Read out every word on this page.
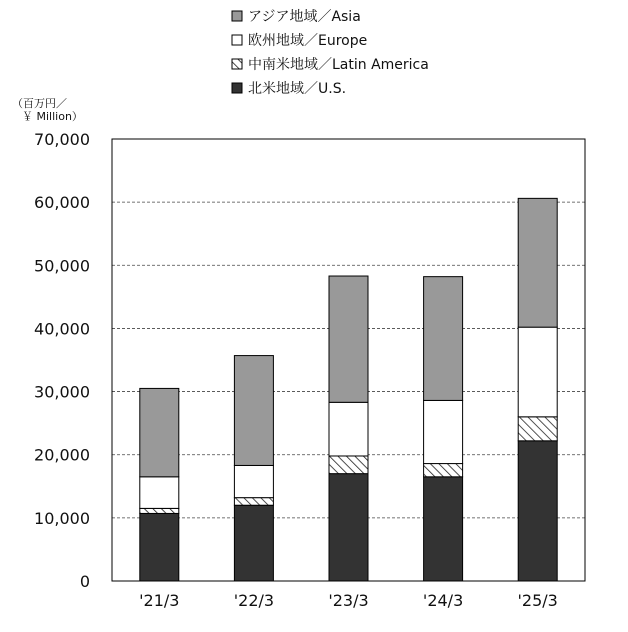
アジア地域／Asia
欧州地域／Europe
中南米地域／Latin America
北米地域／U.S.
（百万円／
￥ Million）
0
10,000
20,000
30,000
40,000
50,000
60,000
70,000
'21/3	'22/3	'23/3	'24/3	'25/3
